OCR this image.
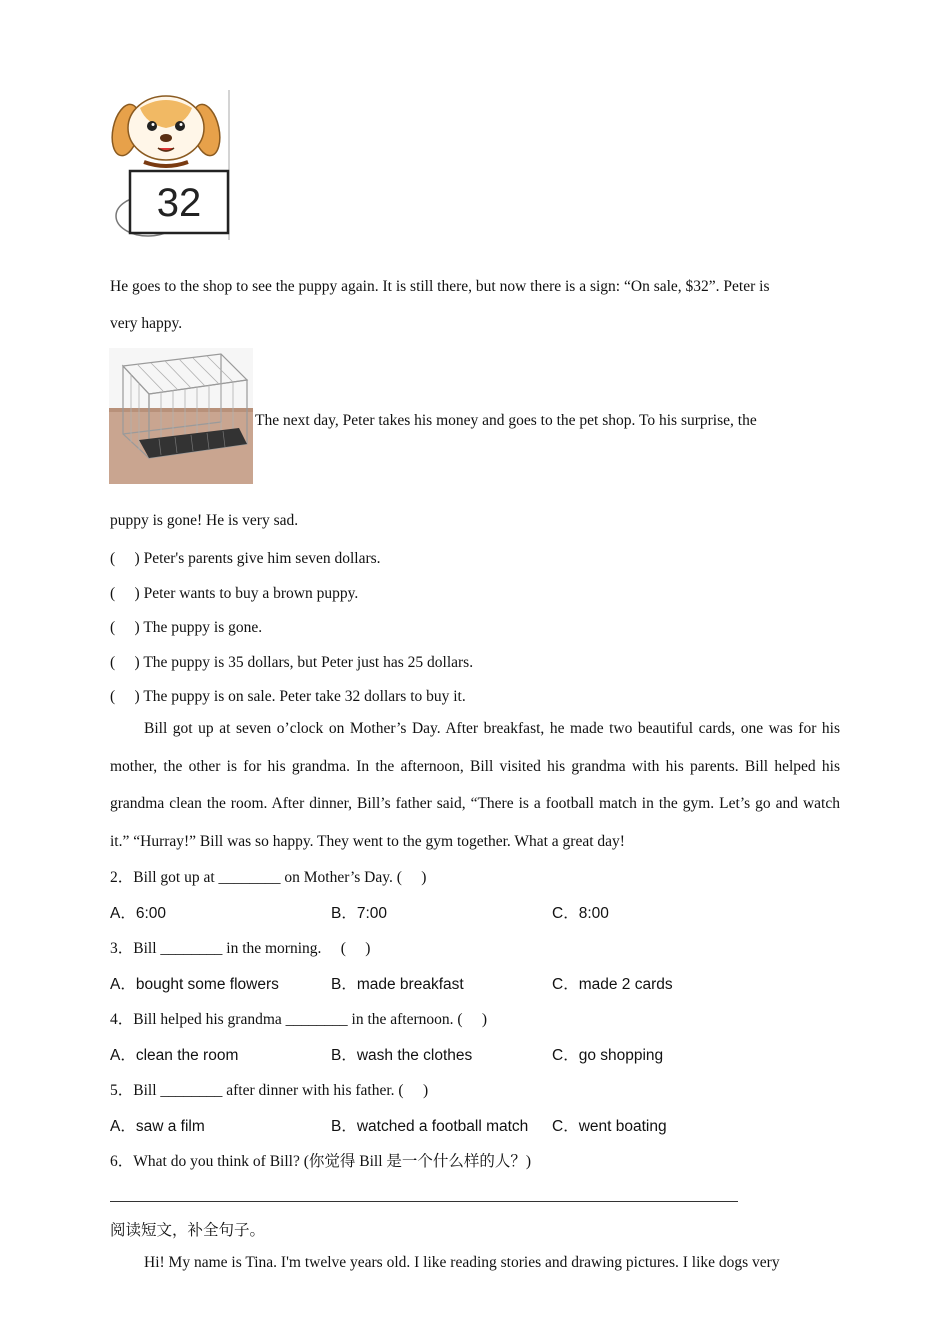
32
He goes to the shop to see the puppy again. It is still there, but now there is a sign: “On sale, $32”. Peter is
very happy.
The next day, Peter takes his money and goes to the pet shop. To his surprise, the
puppy is gone! He is very sad.
(　 ) Peter's parents give him seven dollars.
(　 ) Peter wants to buy a brown puppy.
(　 ) The puppy is gone.
(　 ) The puppy is 35 dollars, but Peter just has 25 dollars.
(　 ) The puppy is on sale. Peter take 32 dollars to buy it.
Bill got up at seven o’clock on Mother’s Day. After breakfast, he made two beautiful cards, one was for his mother, the other is for his grandma. In the afternoon, Bill visited his grandma with his parents. Bill helped his grandma clean the room. After dinner, Bill’s father said, “There is a football match in the gym. Let’s go and watch it.” “Hurray!” Bill was so happy. They went to the gym together. What a great day!
2．Bill got up at ________ on Mother’s Day. (　 )
A．6:00	B．7:00	C．8:00
3．Bill ________ in the morning.　 (　 )
A．bought some flowers	B．made breakfast	C．made 2 cards
4．Bill helped his grandma ________ in the afternoon. (　 )
A．clean the room	B．wash the clothes	C．go shopping
5．Bill ________ after dinner with his father. (　 )
A．saw a film	B．watched a football match C．went boating
6．What do you think of Bill? (你觉得 Bill 是一个什么样的人？)
阅读短文，补全句子。
Hi! My name is Tina. I'm twelve years old. I like reading stories and drawing pictures. I like dogs very
